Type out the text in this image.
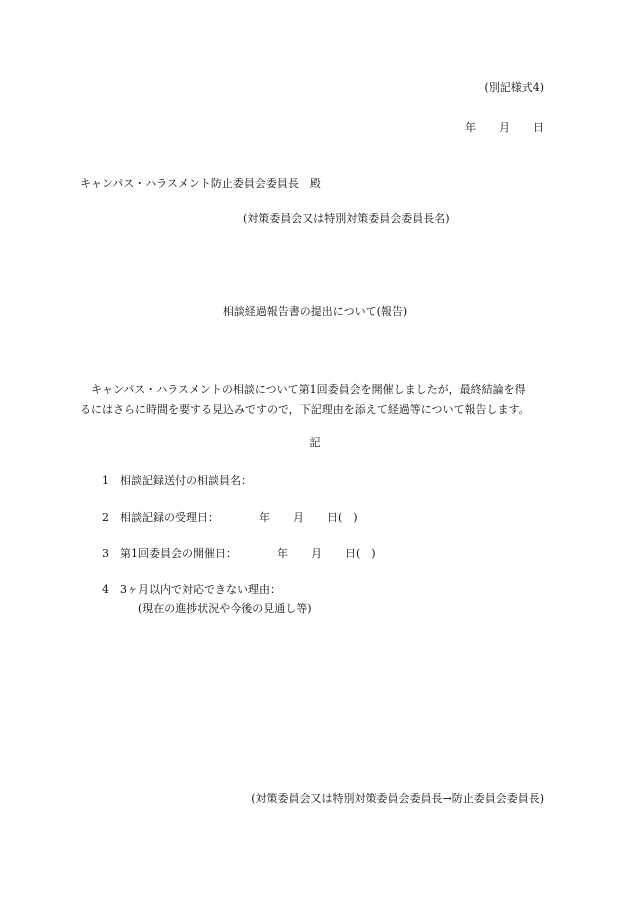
(別記様式4)
年 月 日
キャンパス・ハラスメント防止委員会委員長　殿
(対策委員会又は特別対策委員会委員長名)
相談経過報告書の提出について(報告)

キャンパス・ハラスメントの相談について第1回委員会を開催しましたが，最終結論を得

るにはさらに時間を要する見込みですので，下記理由を添えて経過等について報告します。

記
1 相談記録送付の相談員名：
2 相談記録の受理日：	年 月 日(　)
3 第1回委員会の開催日：	年 月 日(　)
4 3ヶ月以内で対応できない理由：
(現在の進捗状況や今後の見通し等)
(対策委員会又は特別対策委員会委員長→防止委員会委員長)
